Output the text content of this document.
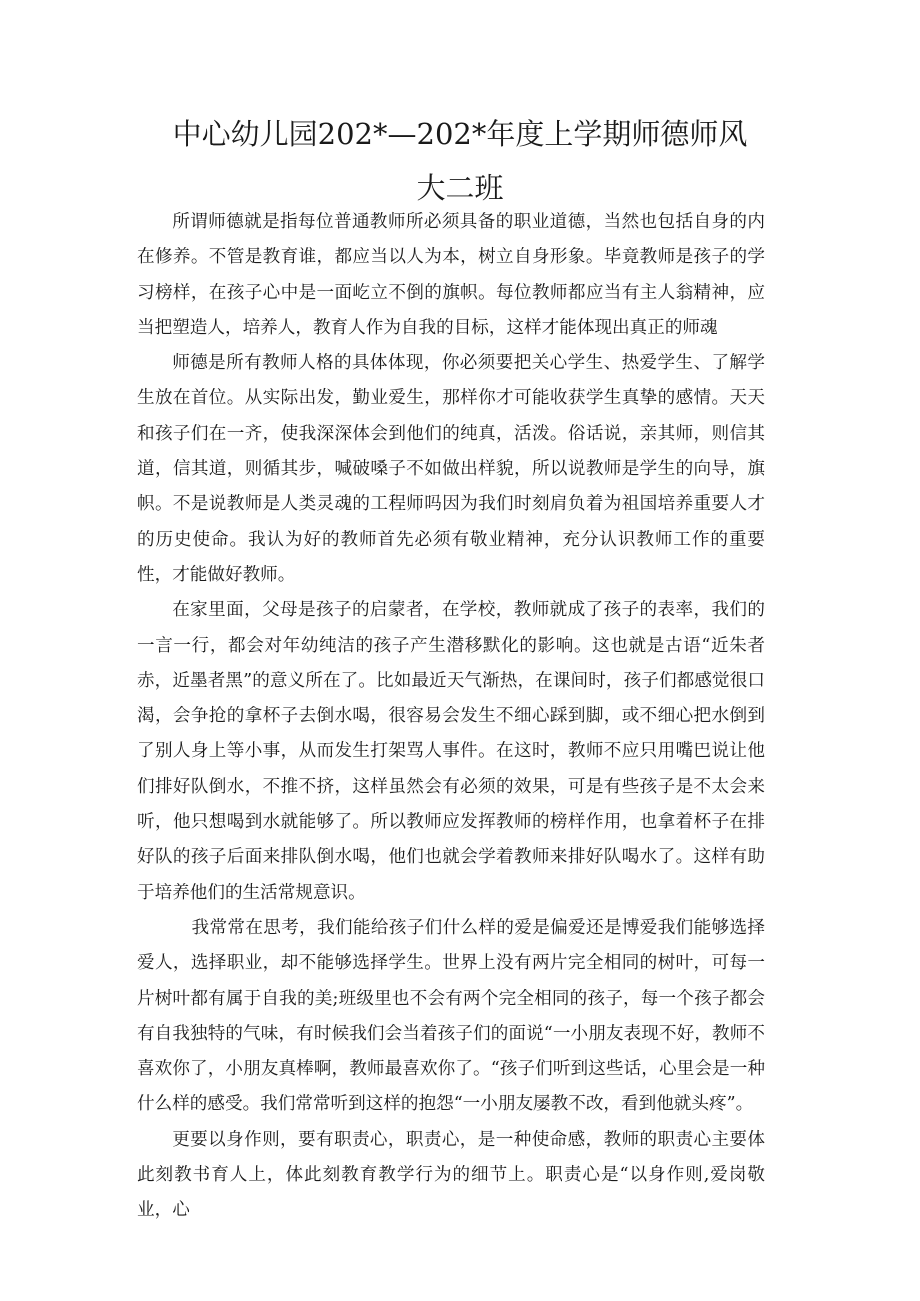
中心幼儿园202*—202*年度上学期师德师风
大二班

所谓师德就是指每位普通教师所必须具备的职业道德，当然也包括自身的内在修养。不管是教育谁，都应当以人为本，树立自身形象。毕竟教师是孩子的学习榜样，在孩子心中是一面屹立不倒的旗帜。每位教师都应当有主人翁精神，应当把塑造人，培养人，教育人作为自我的目标，这样才能体现出真正的师魂

师德是所有教师人格的具体体现，你必须要把关心学生、热爱学生、了解学生放在首位。从实际出发，勤业爱生，那样你才可能收获学生真挚的感情。天天和孩子们在一齐，使我深深体会到他们的纯真，活泼。俗话说，亲其师，则信其道，信其道，则循其步，喊破嗓子不如做出样貌，所以说教师是学生的向导，旗帜。不是说教师是人类灵魂的工程师吗因为我们时刻肩负着为祖国培养重要人才的历史使命。我认为好的教师首先必须有敬业精神，充分认识教师工作的重要性，才能做好教师。

在家里面，父母是孩子的启蒙者，在学校，教师就成了孩子的表率，我们的一言一行，都会对年幼纯洁的孩子产生潜移默化的影响。这也就是古语“近朱者赤，近墨者黑”的意义所在了。比如最近天气渐热，在课间时，孩子们都感觉很口渴，会争抢的拿杯子去倒水喝，很容易会发生不细心踩到脚，或不细心把水倒到了别人身上等小事，从而发生打架骂人事件。在这时，教师不应只用嘴巴说让他们排好队倒水，不推不挤，这样虽然会有必须的效果，可是有些孩子是不太会来听，他只想喝到水就能够了。所以教师应发挥教师的榜样作用，也拿着杯子在排好队的孩子后面来排队倒水喝，他们也就会学着教师来排好队喝水了。这样有助于培养他们的生活常规意识。

我常常在思考，我们能给孩子们什么样的爱是偏爱还是博爱我们能够选择爱人，选择职业，却不能够选择学生。世界上没有两片完全相同的树叶，可每一片树叶都有属于自我的美;班级里也不会有两个完全相同的孩子，每一个孩子都会有自我独特的气味，有时候我们会当着孩子们的面说“一小朋友表现不好，教师不喜欢你了，小朋友真棒啊，教师最喜欢你了。“孩子们听到这些话，心里会是一种什么样的感受。我们常常听到这样的抱怨“一小朋友屡教不改，看到他就头疼”。

更要以身作则，要有职责心，职责心，是一种使命感，教师的职责心主要体此刻教书育人上，体此刻教育教学行为的细节上。职责心是“以身作则,爱岗敬业，心
